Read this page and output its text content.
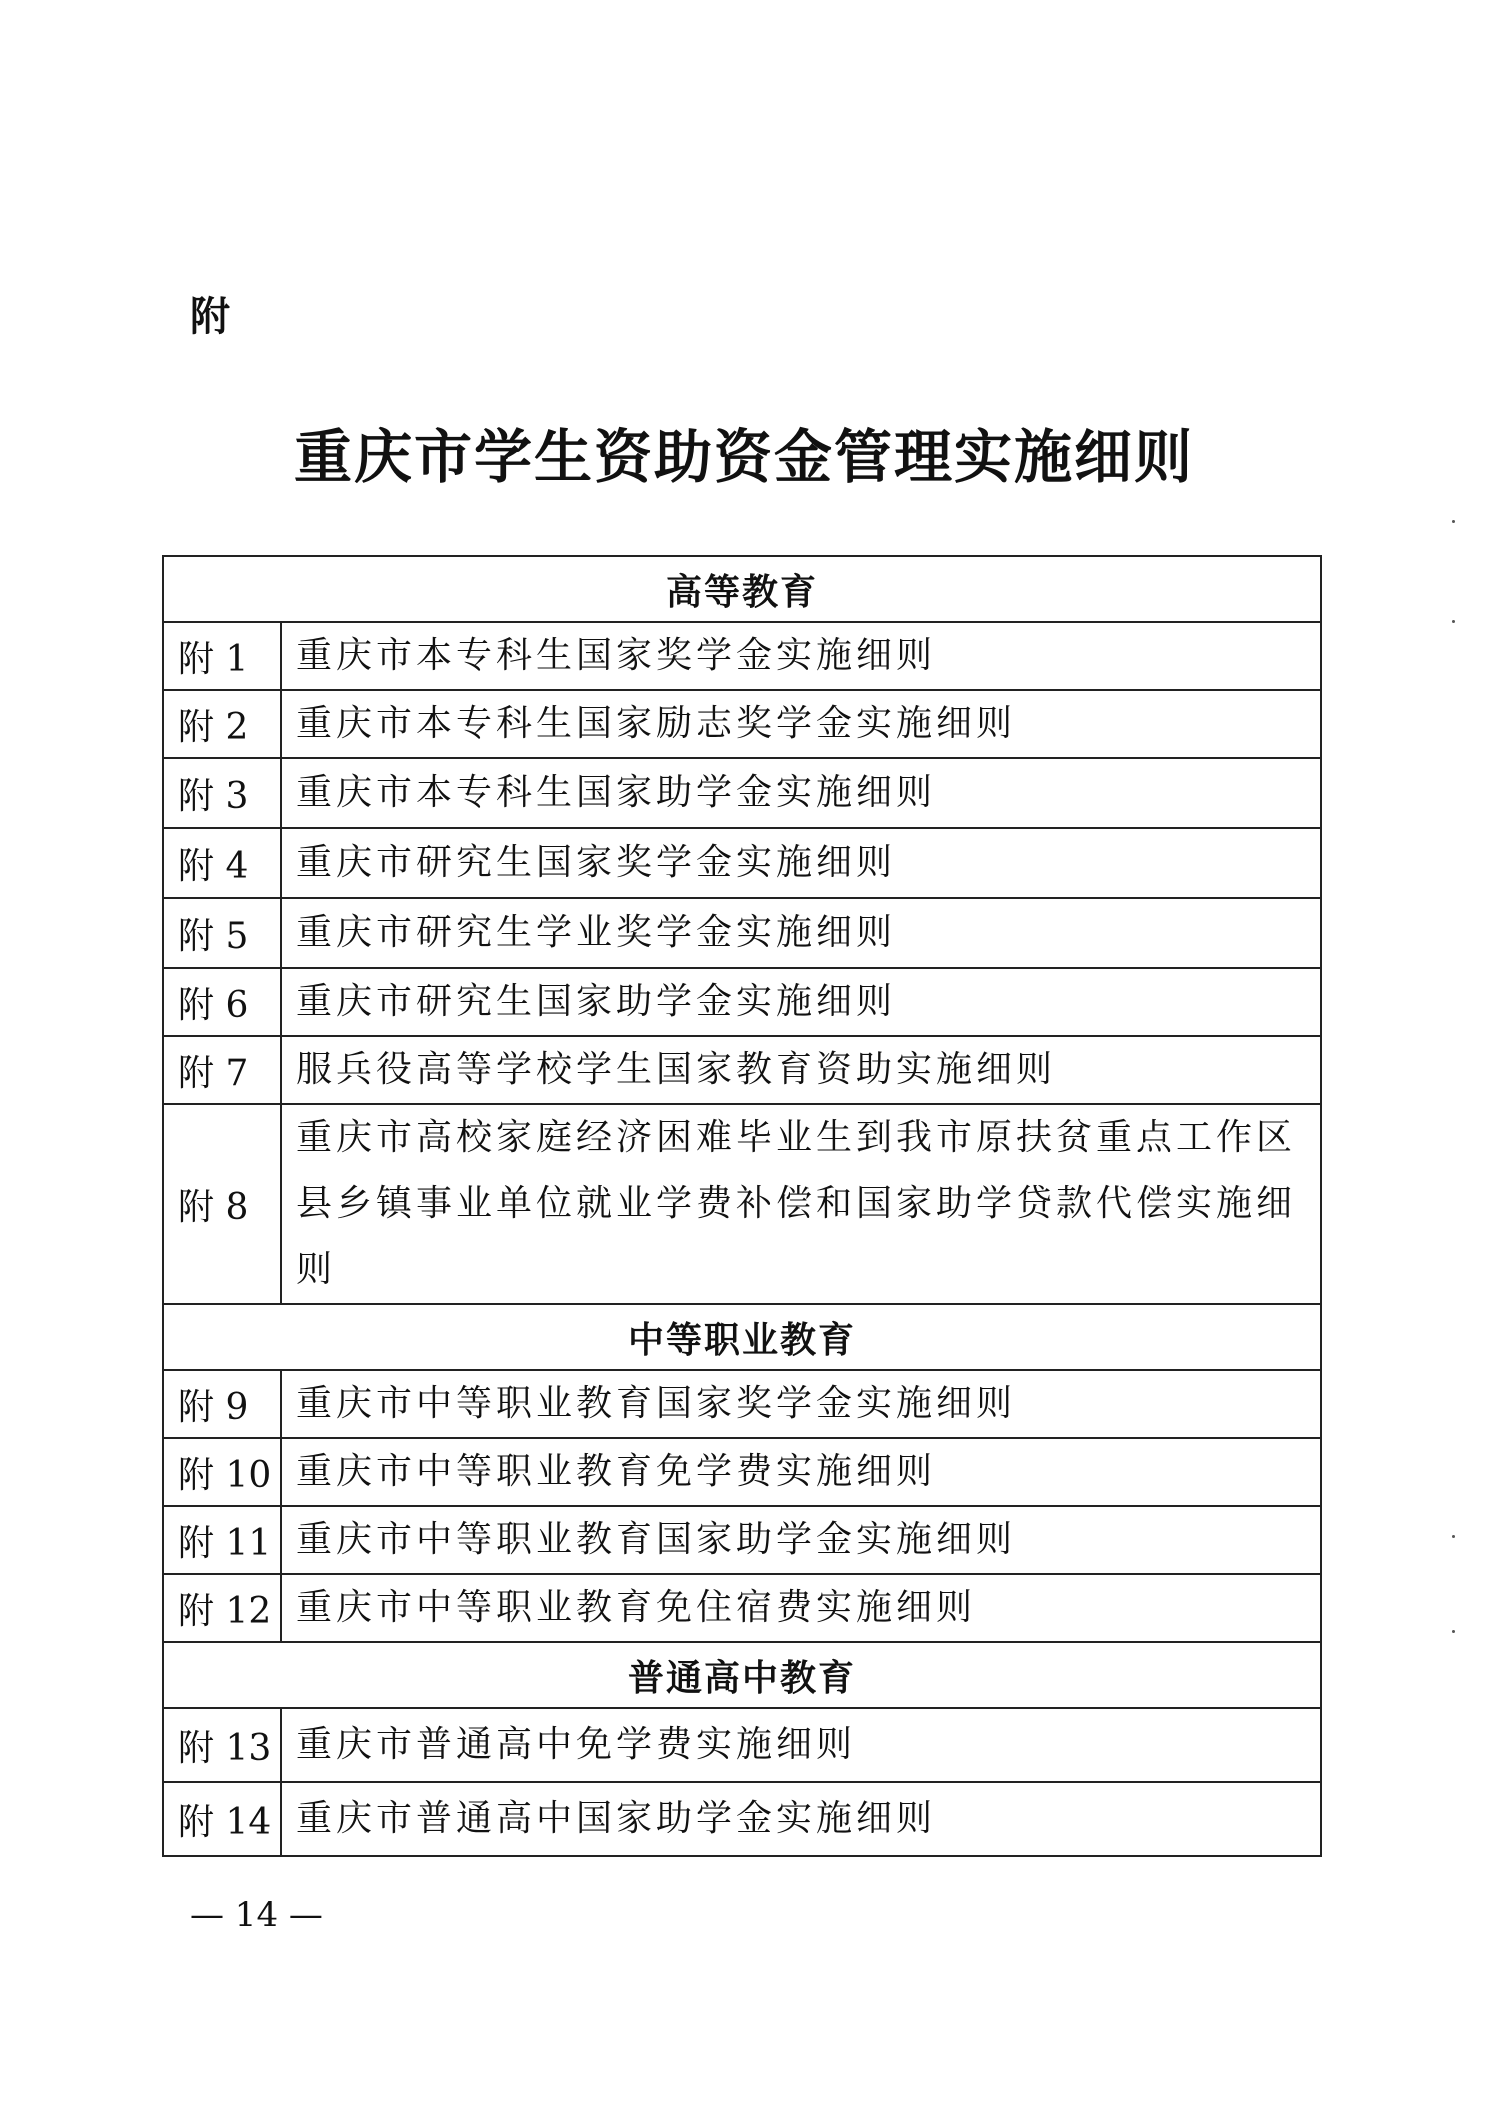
附
重庆市学生资助资金管理实施细则
高等教育	
附 1	重庆市本专科生国家奖学金实施细则
附 2	重庆市本专科生国家励志奖学金实施细则
附 3	重庆市本专科生国家助学金实施细则
附 4	重庆市研究生国家奖学金实施细则
附 5	重庆市研究生学业奖学金实施细则
附 6	重庆市研究生国家助学金实施细则
附 7	服兵役高等学校学生国家教育资助实施细则
附 8	重庆市高校家庭经济困难毕业生到我市原扶贫重点工作区县乡镇事业单位就业学费补偿和国家助学贷款代偿实施细则
中等职业教育	
附 9	重庆市中等职业教育国家奖学金实施细则
附 10	重庆市中等职业教育免学费实施细则
附 11	重庆市中等职业教育国家助学金实施细则
附 12	重庆市中等职业教育免住宿费实施细则
普通高中教育	
附 13	重庆市普通高中免学费实施细则
附 14	重庆市普通高中国家助学金实施细则
— 14 —
